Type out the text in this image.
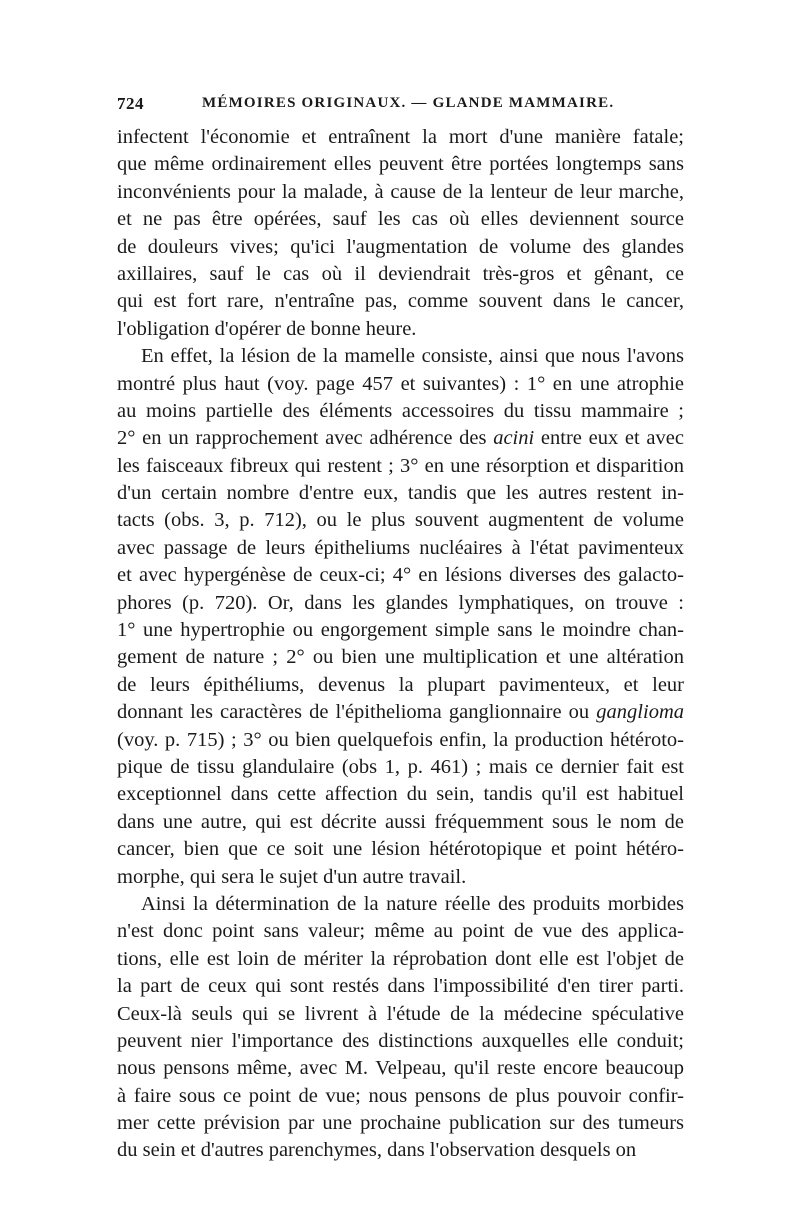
724	MÉMOIRES ORIGINAUX. — GLANDE MAMMAIRE.
infectent l'économie et entraînent la mort d'une manière fatale;
que même ordinairement elles peuvent être portées longtemps sans
inconvénients pour la malade, à cause de la lenteur de leur marche,
et ne pas être opérées, sauf les cas où elles deviennent source
de douleurs vives; qu'ici l'augmentation de volume des glandes
axillaires, sauf le cas où il deviendrait très-gros et gênant, ce
qui est fort rare, n'entraîne pas, comme souvent dans le cancer,
l'obligation d'opérer de bonne heure.
En effet, la lésion de la mamelle consiste, ainsi que nous l'avons
montré plus haut (voy. page 457 et suivantes) : 1° en une atrophie
au moins partielle des éléments accessoires du tissu mammaire ;
2° en un rapprochement avec adhérence des acini entre eux et avec
les faisceaux fibreux qui restent ; 3° en une résorption et disparition
d'un certain nombre d'entre eux, tandis que les autres restent in-
tacts (obs. 3, p. 712), ou le plus souvent augmentent de volume
avec passage de leurs épitheliums nucléaires à l'état pavimenteux
et avec hypergénèse de ceux-ci; 4° en lésions diverses des galacto-
phores (p. 720). Or, dans les glandes lymphatiques, on trouve :
1° une hypertrophie ou engorgement simple sans le moindre chan-
gement de nature ; 2° ou bien une multiplication et une altération
de leurs épithéliums, devenus la plupart pavimenteux, et leur
donnant les caractères de l'épithelioma ganglionnaire ou ganglioma
(voy. p. 715) ; 3° ou bien quelquefois enfin, la production hétéroto-
pique de tissu glandulaire (obs 1, p. 461) ; mais ce dernier fait est
exceptionnel dans cette affection du sein, tandis qu'il est habituel
dans une autre, qui est décrite aussi fréquemment sous le nom de
cancer, bien que ce soit une lésion hétérotopique et point hétéro-
morphe, qui sera le sujet d'un autre travail.
Ainsi la détermination de la nature réelle des produits morbides
n'est donc point sans valeur; même au point de vue des applica-
tions, elle est loin de mériter la réprobation dont elle est l'objet de
la part de ceux qui sont restés dans l'impossibilité d'en tirer parti.
Ceux-là seuls qui se livrent à l'étude de la médecine spéculative
peuvent nier l'importance des distinctions auxquelles elle conduit;
nous pensons même, avec M. Velpeau, qu'il reste encore beaucoup
à faire sous ce point de vue; nous pensons de plus pouvoir confir-
mer cette prévision par une prochaine publication sur des tumeurs
du sein et d'autres parenchymes, dans l'observation desquels on
